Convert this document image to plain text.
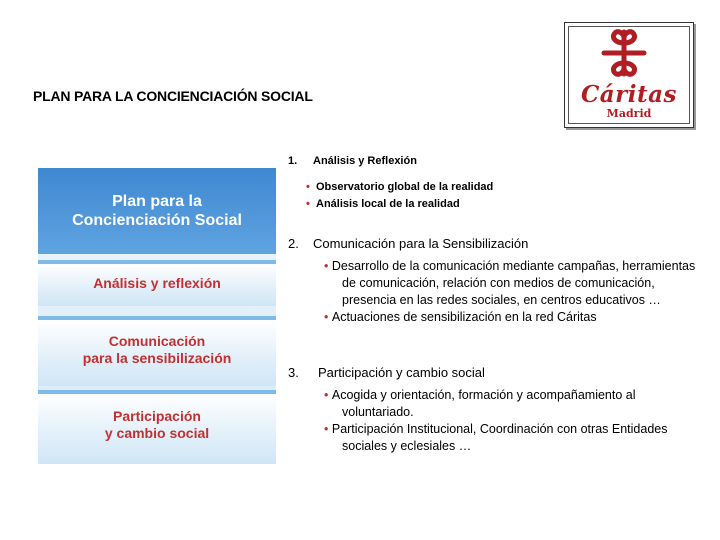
PLAN PARA LA CONCIENCIACIÓN SOCIAL	Cáritas
Madrid
Plan para la
Concienciación Social
Análisis y reflexión
Comunicación
para la sensibilización
Participación
y cambio social
1. Análisis y Reflexión
• Observatorio global de la realidad
• Análisis local de la realidad
2. Comunicación para la Sensibilización
• Desarrollo de la comunicación mediante campañas, herramientas de comunicación, relación con medios de comunicación, presencia en las redes sociales, en centros educativos …
• Actuaciones de sensibilización en la red Cáritas
3. Participación y cambio social
• Acogida y orientación, formación y acompañamiento al voluntariado.
• Participación Institucional, Coordinación con otras Entidades sociales y eclesiales …
